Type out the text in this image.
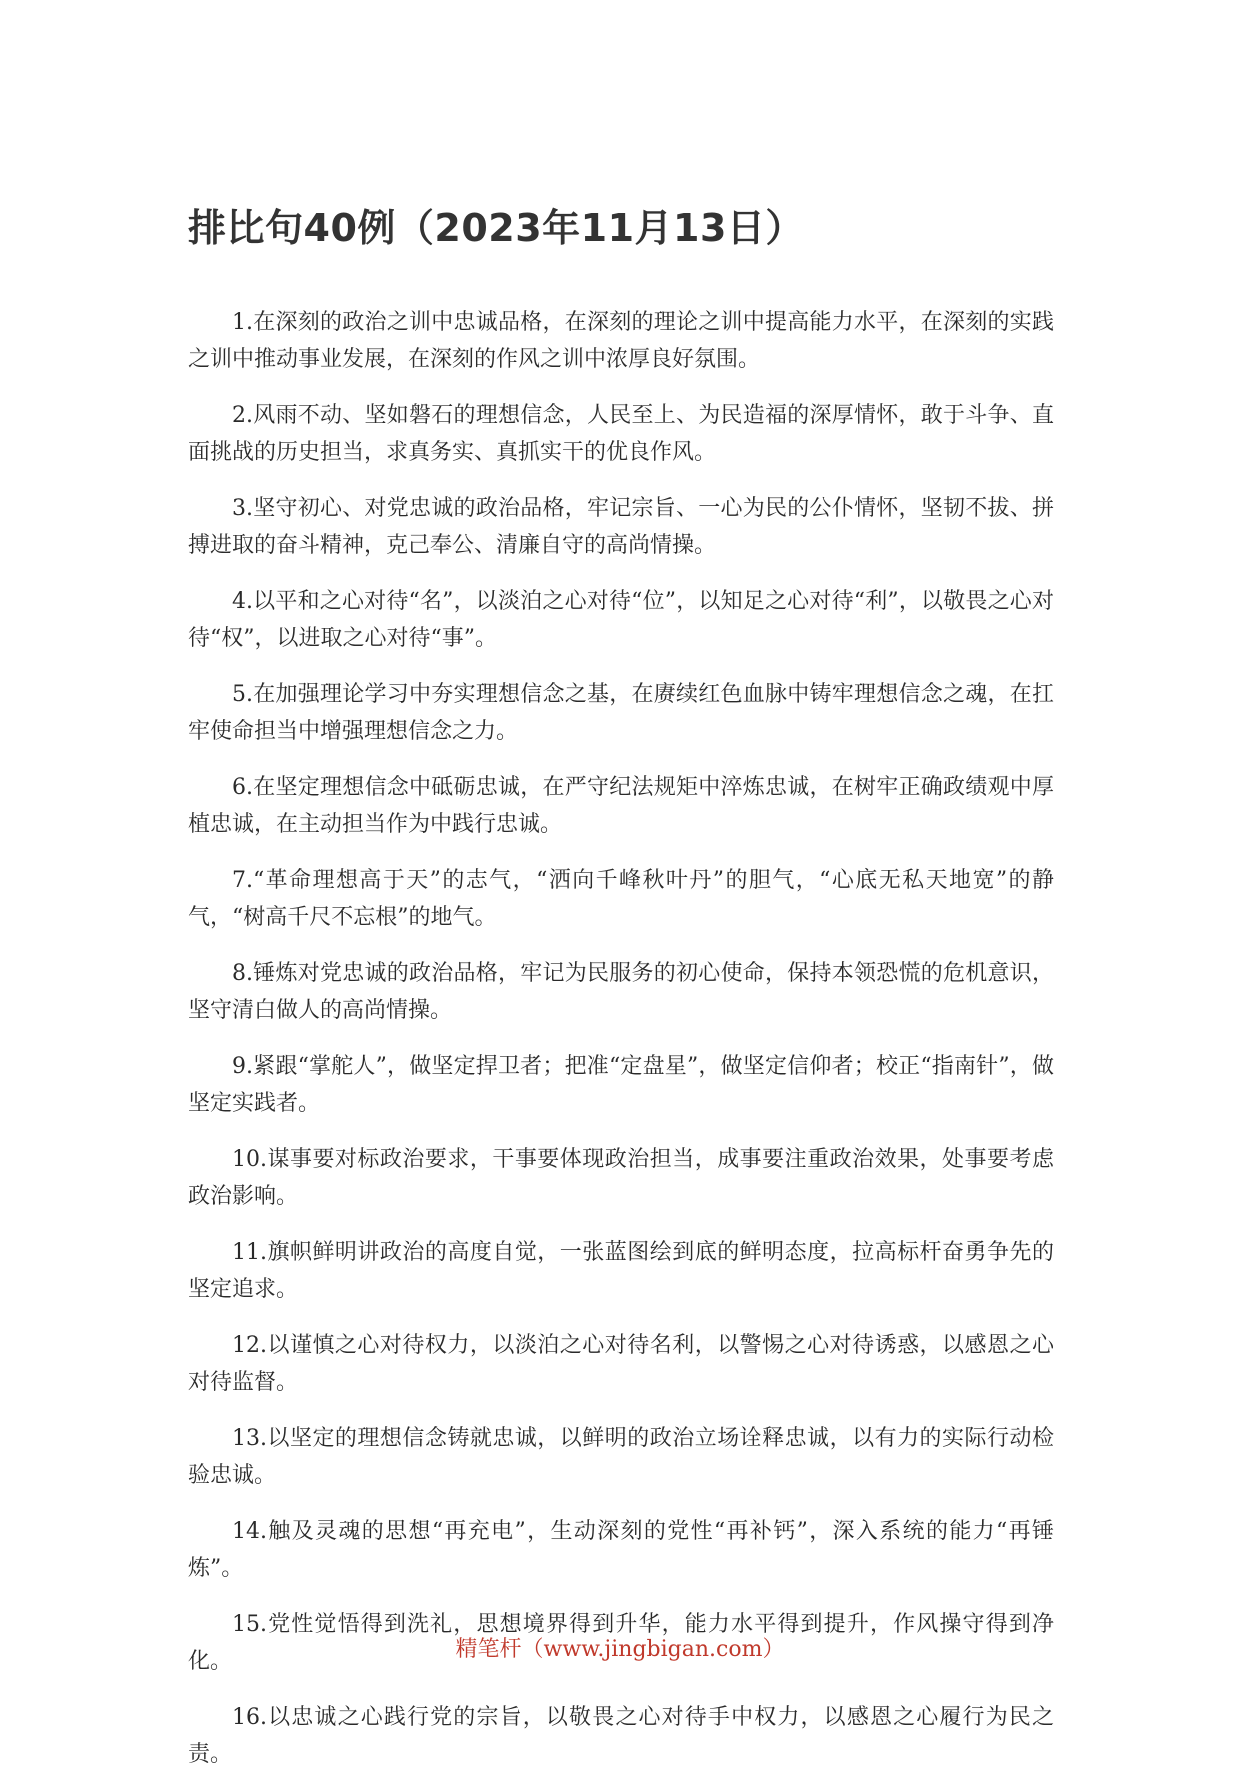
排比句40例（2023年11月13日）

1.在深刻的政治之训中忠诚品格，在深刻的理论之训中提高能力水平，在深刻的实践之训中推动事业发展，在深刻的作风之训中浓厚良好氛围。

2.风雨不动、坚如磐石的理想信念，人民至上、为民造福的深厚情怀，敢于斗争、直面挑战的历史担当，求真务实、真抓实干的优良作风。

3.坚守初心、对党忠诚的政治品格，牢记宗旨、一心为民的公仆情怀，坚韧不拔、拼搏进取的奋斗精神，克己奉公、清廉自守的高尚情操。

4.以平和之心对待“名”，以淡泊之心对待“位”，以知足之心对待“利”，以敬畏之心对待“权”，以进取之心对待“事”。

5.在加强理论学习中夯实理想信念之基，在赓续红色血脉中铸牢理想信念之魂，在扛牢使命担当中增强理想信念之力。

6.在坚定理想信念中砥砺忠诚，在严守纪法规矩中淬炼忠诚，在树牢正确政绩观中厚植忠诚，在主动担当作为中践行忠诚。

7.“革命理想高于天”的志气，“洒向千峰秋叶丹”的胆气，“心底无私天地宽”的静气，“树高千尺不忘根”的地气。

8.锤炼对党忠诚的政治品格，牢记为民服务的初心使命，保持本领恐慌的危机意识，坚守清白做人的高尚情操。

9.紧跟“掌舵人”，做坚定捍卫者；把准“定盘星”，做坚定信仰者；校正“指南针”，做坚定实践者。

10.谋事要对标政治要求，干事要体现政治担当，成事要注重政治效果，处事要考虑政治影响。

11.旗帜鲜明讲政治的高度自觉，一张蓝图绘到底的鲜明态度，拉高标杆奋勇争先的坚定追求。

12.以谨慎之心对待权力，以淡泊之心对待名利，以警惕之心对待诱惑，以感恩之心对待监督。

13.以坚定的理想信念铸就忠诚，以鲜明的政治立场诠释忠诚，以有力的实际行动检验忠诚。

14.触及灵魂的思想“再充电”，生动深刻的党性“再补钙”，深入系统的能力“再锤炼”。

15.党性觉悟得到洗礼，思想境界得到升华，能力水平得到提升，作风操守得到净化。

16.以忠诚之心践行党的宗旨，以敬畏之心对待手中权力，以感恩之心履行为民之责。

精笔杆（www.jingbigan.com）
